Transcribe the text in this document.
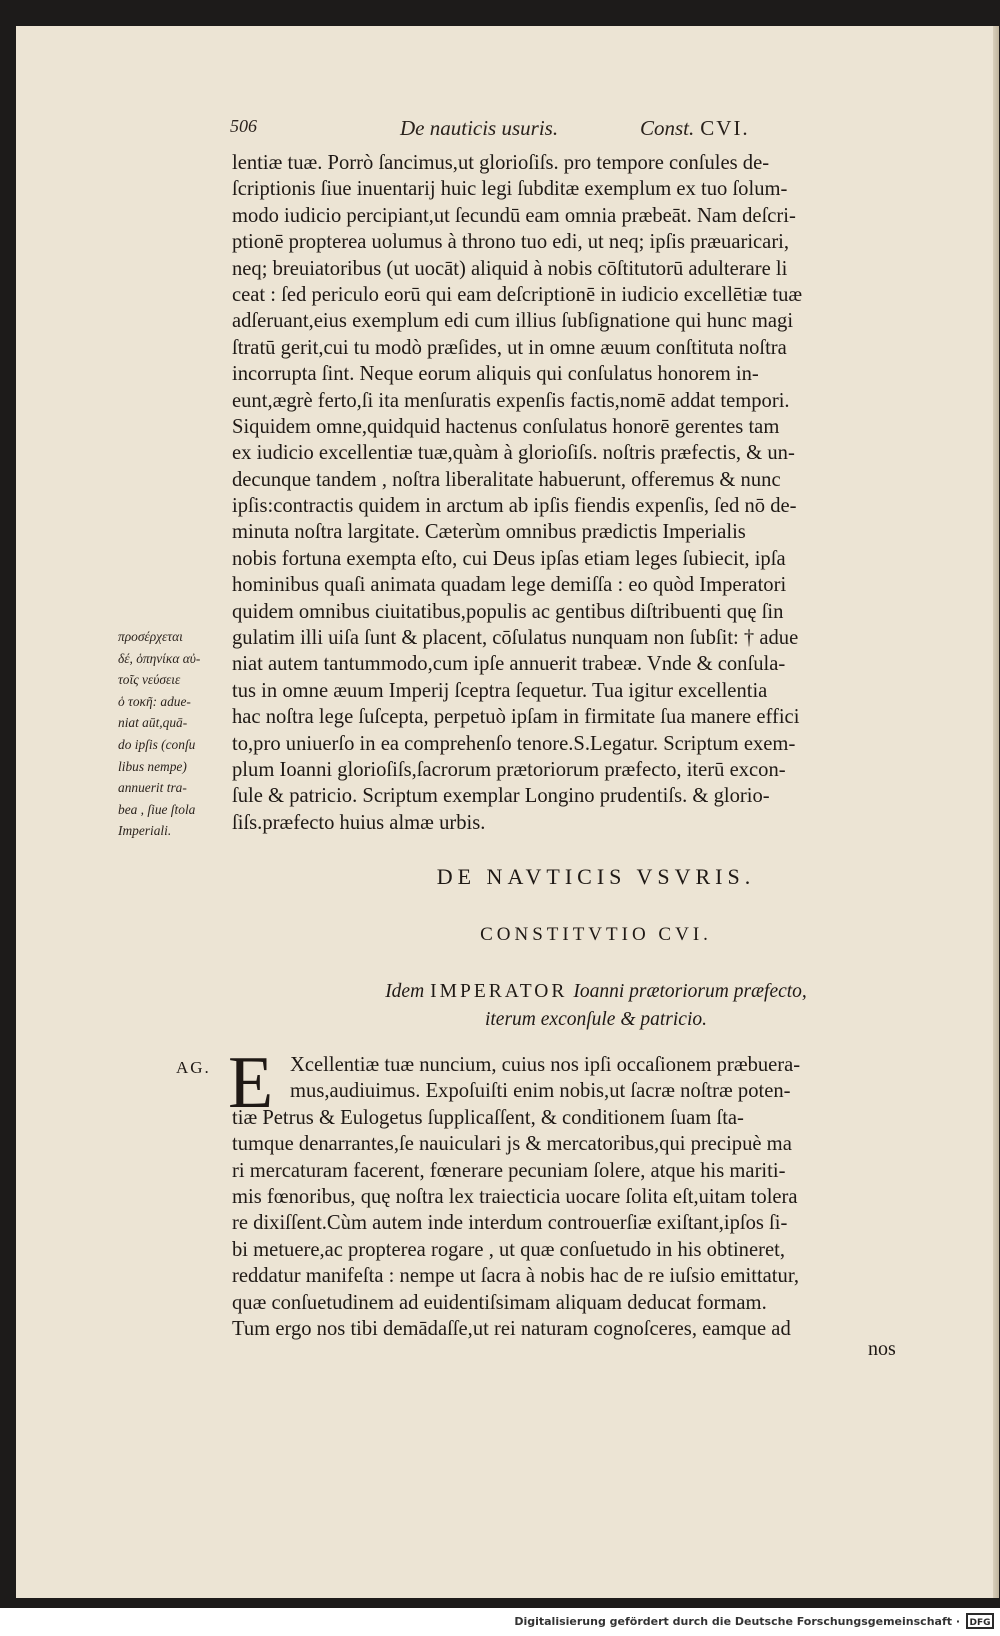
506	De nauticis usuris.	Const. CVI.
lentiæ tuæ. Porrò ſancimus,ut glorioſiſs. pro tempore conſules de-
ſcriptionis ſiue inuentarij huic legi ſubditæ exemplum ex tuo ſolum-
modo iudicio percipiant,ut ſecundū eam omnia præbeāt. Nam deſcri-
ptionē propterea uolumus à throno tuo edi, ut neq; ipſis præuaricari,
neq; breuiatoribus (ut uocāt) aliquid à nobis cōſtitutorū adulterare li
ceat : ſed periculo eorū qui eam deſcriptionē in iudicio excellētiæ tuæ
adſeruant,eius exemplum edi cum illius ſubſignatione qui hunc magi
ſtratū gerit,cui tu modò præſides, ut in omne æuum conſtituta noſtra
incorrupta ſint. Neque eorum aliquis qui conſulatus honorem in-
eunt,ægrè ferto,ſi ita menſuratis expenſis factis,nomē addat tempori.
Siquidem omne,quidquid hactenus conſulatus honorē gerentes tam
ex iudicio excellentiæ tuæ,quàm à glorioſiſs. noſtris præfectis, & un-
decunque tandem , noſtra liberalitate habuerunt, offeremus & nunc
ipſis:contractis quidem in arctum ab ipſis fiendis expenſis, ſed nō de-
minuta noſtra largitate. Cæterùm omnibus prædictis Imperialis
nobis fortuna exempta eſto, cui Deus ipſas etiam leges ſubiecit, ipſa
hominibus quaſi animata quadam lege demiſſa : eo quòd Imperatori
quidem omnibus ciuitatibus,populis ac gentibus diſtribuenti quę ſin
gulatim illi uiſa ſunt & placent, cōſulatus nunquam non ſubſit: † adue
niat autem tantummodo,cum ipſe annuerit trabeæ. Vnde & conſula-
tus in omne æuum Imperij ſceptra ſequetur. Tua igitur excellentia
hac noſtra lege ſuſcepta, perpetuò ipſam in firmitate ſua manere effici
to,pro uniuerſo in ea comprehenſo tenore.S.Legatur. Scriptum exem-
plum Ioanni glorioſiſs,ſacrorum prætoriorum præfecto, iterū excon-
ſule & patricio. Scriptum exemplar Longino prudentiſs. & glorio-
ſiſs.præfecto huius almæ urbis.
προσέρχεται
δέ, ὁπηνίκα αὐ-
τοῖς νεύσειε
ὁ τοκῆ: adue-
niat aūt,quā-
do ipſis (conſu
libus nempe)
annuerit tra-
bea , ſiue ſtola
Imperiali.
DE NAVTICIS VSVRIS.
CONSTITVTIO CVI.
Idem IMPERATOR Ioanni prætoriorum præfecto,
iterum exconſule & patricio.
AG. E Xcellentiæ tuæ nuncium, cuius nos ipſi occaſionem præbuera-
mus,audiuimus. Expoſuiſti enim nobis,ut ſacræ noſtræ poten-
tiæ Petrus & Eulogetus ſupplicaſſent, & conditionem ſuam ſta-
tumque denarrantes,ſe nauiculari js & mercatoribus,qui precipuè ma
ri mercaturam facerent, fœnerare pecuniam ſolere, atque his mariti-
mis fœnoribus, quę noſtra lex traiecticia uocare ſolita eſt,uitam tolera
re dixiſſent.Cùm autem inde interdum controuerſiæ exiſtant,ipſos ſi-
bi metuere,ac propterea rogare , ut quæ conſuetudo in his obtineret,
reddatur manifeſta : nempe ut ſacra à nobis hac de re iuſsio emittatur,
quæ conſuetudinem ad euidentiſsimam aliquam deducat formam.
Tum ergo nos tibi demādaſſe,ut rei naturam cognoſceres, eamque ad
nos
Digitalisierung gefördert durch die Deutsche Forschungsgemeinschaft ·	DFG
